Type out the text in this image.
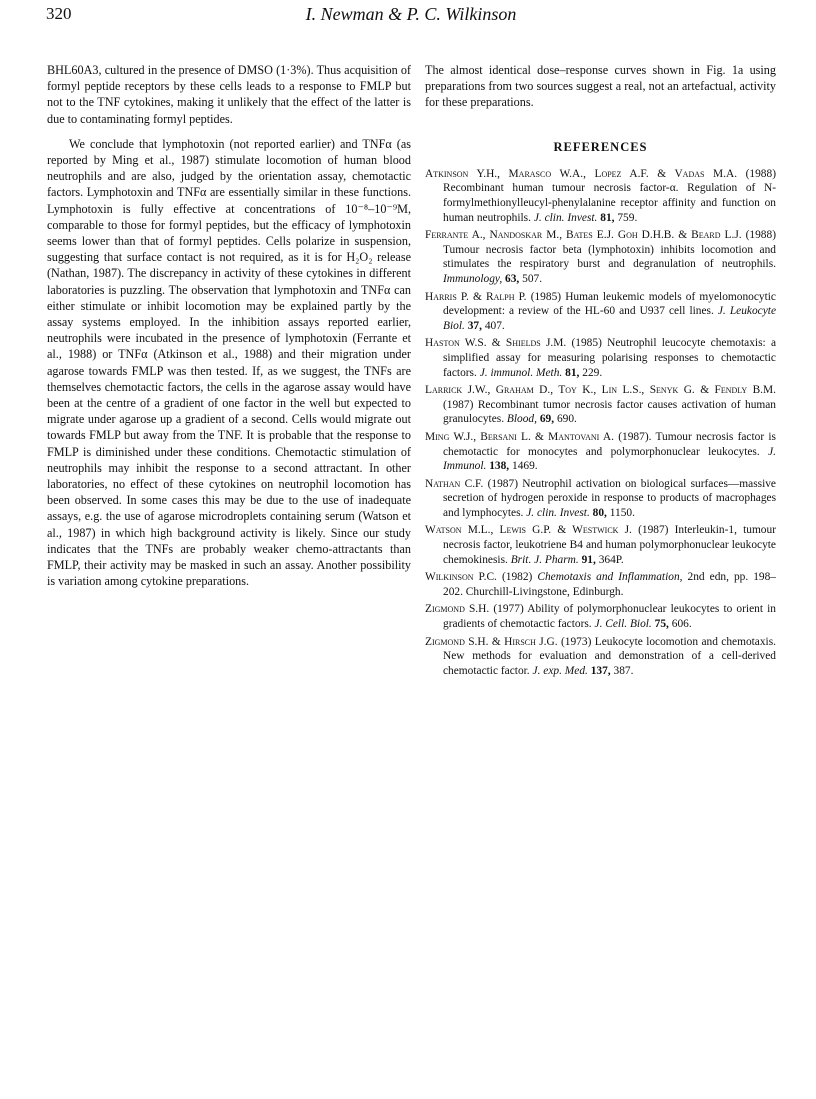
320	I. Newman & P. C. Wilkinson

BHL60A3, cultured in the presence of DMSO (1·3%). Thus acquisition of formyl peptide receptors by these cells leads to a response to FMLP but not to the TNF cytokines, making it unlikely that the effect of the latter is due to contaminating formyl peptides.

We conclude that lymphotoxin (not reported earlier) and TNFα (as reported by Ming et al., 1987) stimulate locomotion of human blood neutrophils and are also, judged by the orientation assay, chemotactic factors. Lymphotoxin and TNFα are essentially similar in these functions. Lymphotoxin is fully effective at concentrations of 10⁻⁸–10⁻⁹M, comparable to those for formyl peptides, but the efficacy of lymphotoxin seems lower than that of formyl peptides. Cells polarize in suspension, suggesting that surface contact is not required, as it is for H₂O₂ release (Nathan, 1987). The discrepancy in activity of these cytokines in different laboratories is puzzling. The observation that lymphotoxin and TNFα can either stimulate or inhibit locomotion may be explained partly by the assay systems employed. In the inhibition assays reported earlier, neutrophils were incubated in the presence of lymphotoxin (Ferrante et al., 1988) or TNFα (Atkinson et al., 1988) and their migration under agarose towards FMLP was then tested. If, as we suggest, the TNFs are themselves chemotactic factors, the cells in the agarose assay would have been at the centre of a gradient of one factor in the well but expected to migrate under agarose up a gradient of a second. Cells would migrate out towards FMLP but away from the TNF. It is probable that the response to FMLP is diminished under these conditions. Chemotactic stimulation of neutrophils may inhibit the response to a second attractant. In other laboratories, no effect of these cytokines on neutrophil locomotion has been observed. In some cases this may be due to the use of inadequate assays, e.g. the use of agarose microdroplets containing serum (Watson et al., 1987) in which high background activity is likely. Since our study indicates that the TNFs are probably weaker chemo-attractants than FMLP, their activity may be masked in such an assay. Another possibility is variation among cytokine preparations.

The almost identical dose–response curves shown in Fig. 1a using preparations from two sources suggest a real, not an artefactual, activity for these preparations.

REFERENCES
Atkinson Y.H., Marasco W.A., Lopez A.F. & Vadas M.A. (1988) Recombinant human tumour necrosis factor-α. Regulation of N-formylmethionylleucyl-phenylalanine receptor affinity and function on human neutrophils. J. clin. Invest. 81, 759.
Ferrante A., Nandoskar M., Bates E.J. Goh D.H.B. & Beard L.J. (1988) Tumour necrosis factor beta (lymphotoxin) inhibits locomotion and stimulates the respiratory burst and degranulation of neutrophils. Immunology, 63, 507.
Harris P. & Ralph P. (1985) Human leukemic models of myelomonocytic development: a review of the HL-60 and U937 cell lines. J. Leukocyte Biol. 37, 407.
Haston W.S. & Shields J.M. (1985) Neutrophil leucocyte chemotaxis: a simplified assay for measuring polarising responses to chemotactic factors. J. immunol. Meth. 81, 229.
Larrick J.W., Graham D., Toy K., Lin L.S., Senyk G. & Fendly B.M. (1987) Recombinant tumor necrosis factor causes activation of human granulocytes. Blood, 69, 690.
Ming W.J., Bersani L. & Mantovani A. (1987). Tumour necrosis factor is chemotactic for monocytes and polymorphonuclear leukocytes. J. Immunol. 138, 1469.
Nathan C.F. (1987) Neutrophil activation on biological surfaces—massive secretion of hydrogen peroxide in response to products of macrophages and lymphocytes. J. clin. Invest. 80, 1150.
Watson M.L., Lewis G.P. & Westwick J. (1987) Interleukin-1, tumour necrosis factor, leukotriene B4 and human polymorphonuclear leukocyte chemokinesis. Brit. J. Pharm. 91, 364P.
Wilkinson P.C. (1982) Chemotaxis and Inflammation, 2nd edn, pp. 198–202. Churchill-Livingstone, Edinburgh.
Zigmond S.H. (1977) Ability of polymorphonuclear leukocytes to orient in gradients of chemotactic factors. J. Cell. Biol. 75, 606.
Zigmond S.H. & Hirsch J.G. (1973) Leukocyte locomotion and chemotaxis. New methods for evaluation and demonstration of a cell-derived chemotactic factor. J. exp. Med. 137, 387.
